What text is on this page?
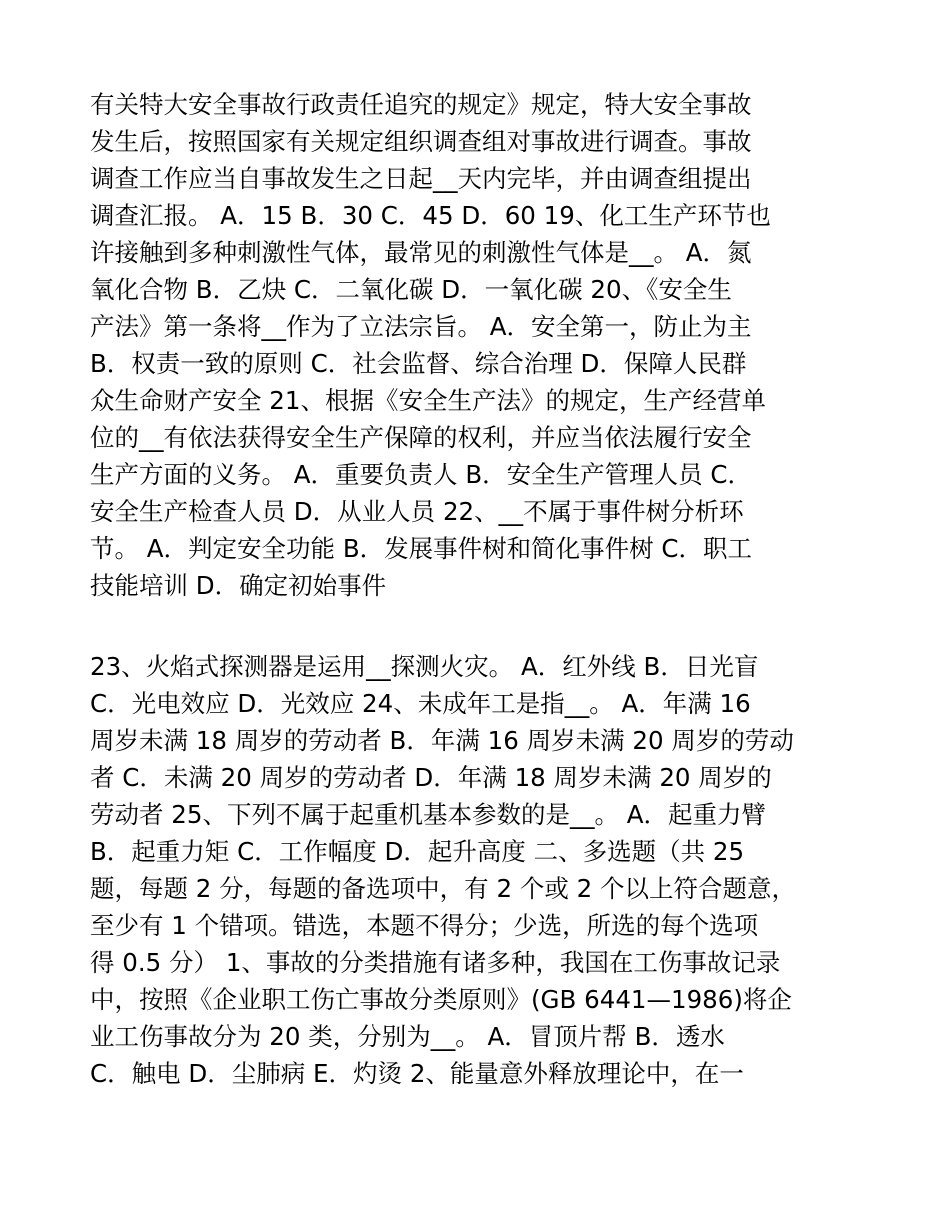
有关特大安全事故行政责任追究的规定》规定，特大安全事故
发生后，按照国家有关规定组织调查组对事故进行调查。事故
调查工作应当自事故发生之日起__天内完毕，并由调查组提出
调查汇报。 A．15 B．30 C．45 D．60 19、化工生产环节也
许接触到多种刺激性气体，最常见的刺激性气体是__。 A．氮
氧化合物 B．乙炔 C．二氧化碳 D．一氧化碳 20、《安全生
产法》第一条将__作为了立法宗旨。 A．安全第一，防止为主
B．权责一致的原则 C．社会监督、综合治理 D．保障人民群
众生命财产安全 21、根据《安全生产法》的规定，生产经营单
位的__有依法获得安全生产保障的权利，并应当依法履行安全
生产方面的义务。 A．重要负责人 B．安全生产管理人员 C．
安全生产检查人员 D．从业人员 22、__不属于事件树分析环
节。 A．判定安全功能 B．发展事件树和简化事件树 C．职工
技能培训 D．确定初始事件
23、火焰式探测器是运用__探测火灾。 A．红外线 B．日光盲
C．光电效应 D．光效应 24、未成年工是指__。 A．年满 16
周岁未满 18 周岁的劳动者 B．年满 16 周岁未满 20 周岁的劳动
者 C．未满 20 周岁的劳动者 D．年满 18 周岁未满 20 周岁的
劳动者 25、下列不属于起重机基本参数的是__。 A．起重力臂
B．起重力矩 C．工作幅度 D．起升高度 二、多选题（共 25
题，每题 2 分，每题的备选项中，有 2 个或 2 个以上符合题意，
至少有 1 个错项。错选，本题不得分；少选，所选的每个选项
得 0.5 分） 1、事故的分类措施有诸多种，我国在工伤事故记录
中，按照《企业职工伤亡事故分类原则》(GB 6441—1986)将企
业工伤事故分为 20 类，分别为__。 A．冒顶片帮 B．透水
C．触电 D．尘肺病 E．灼烫 2、能量意外释放理论中，在一
